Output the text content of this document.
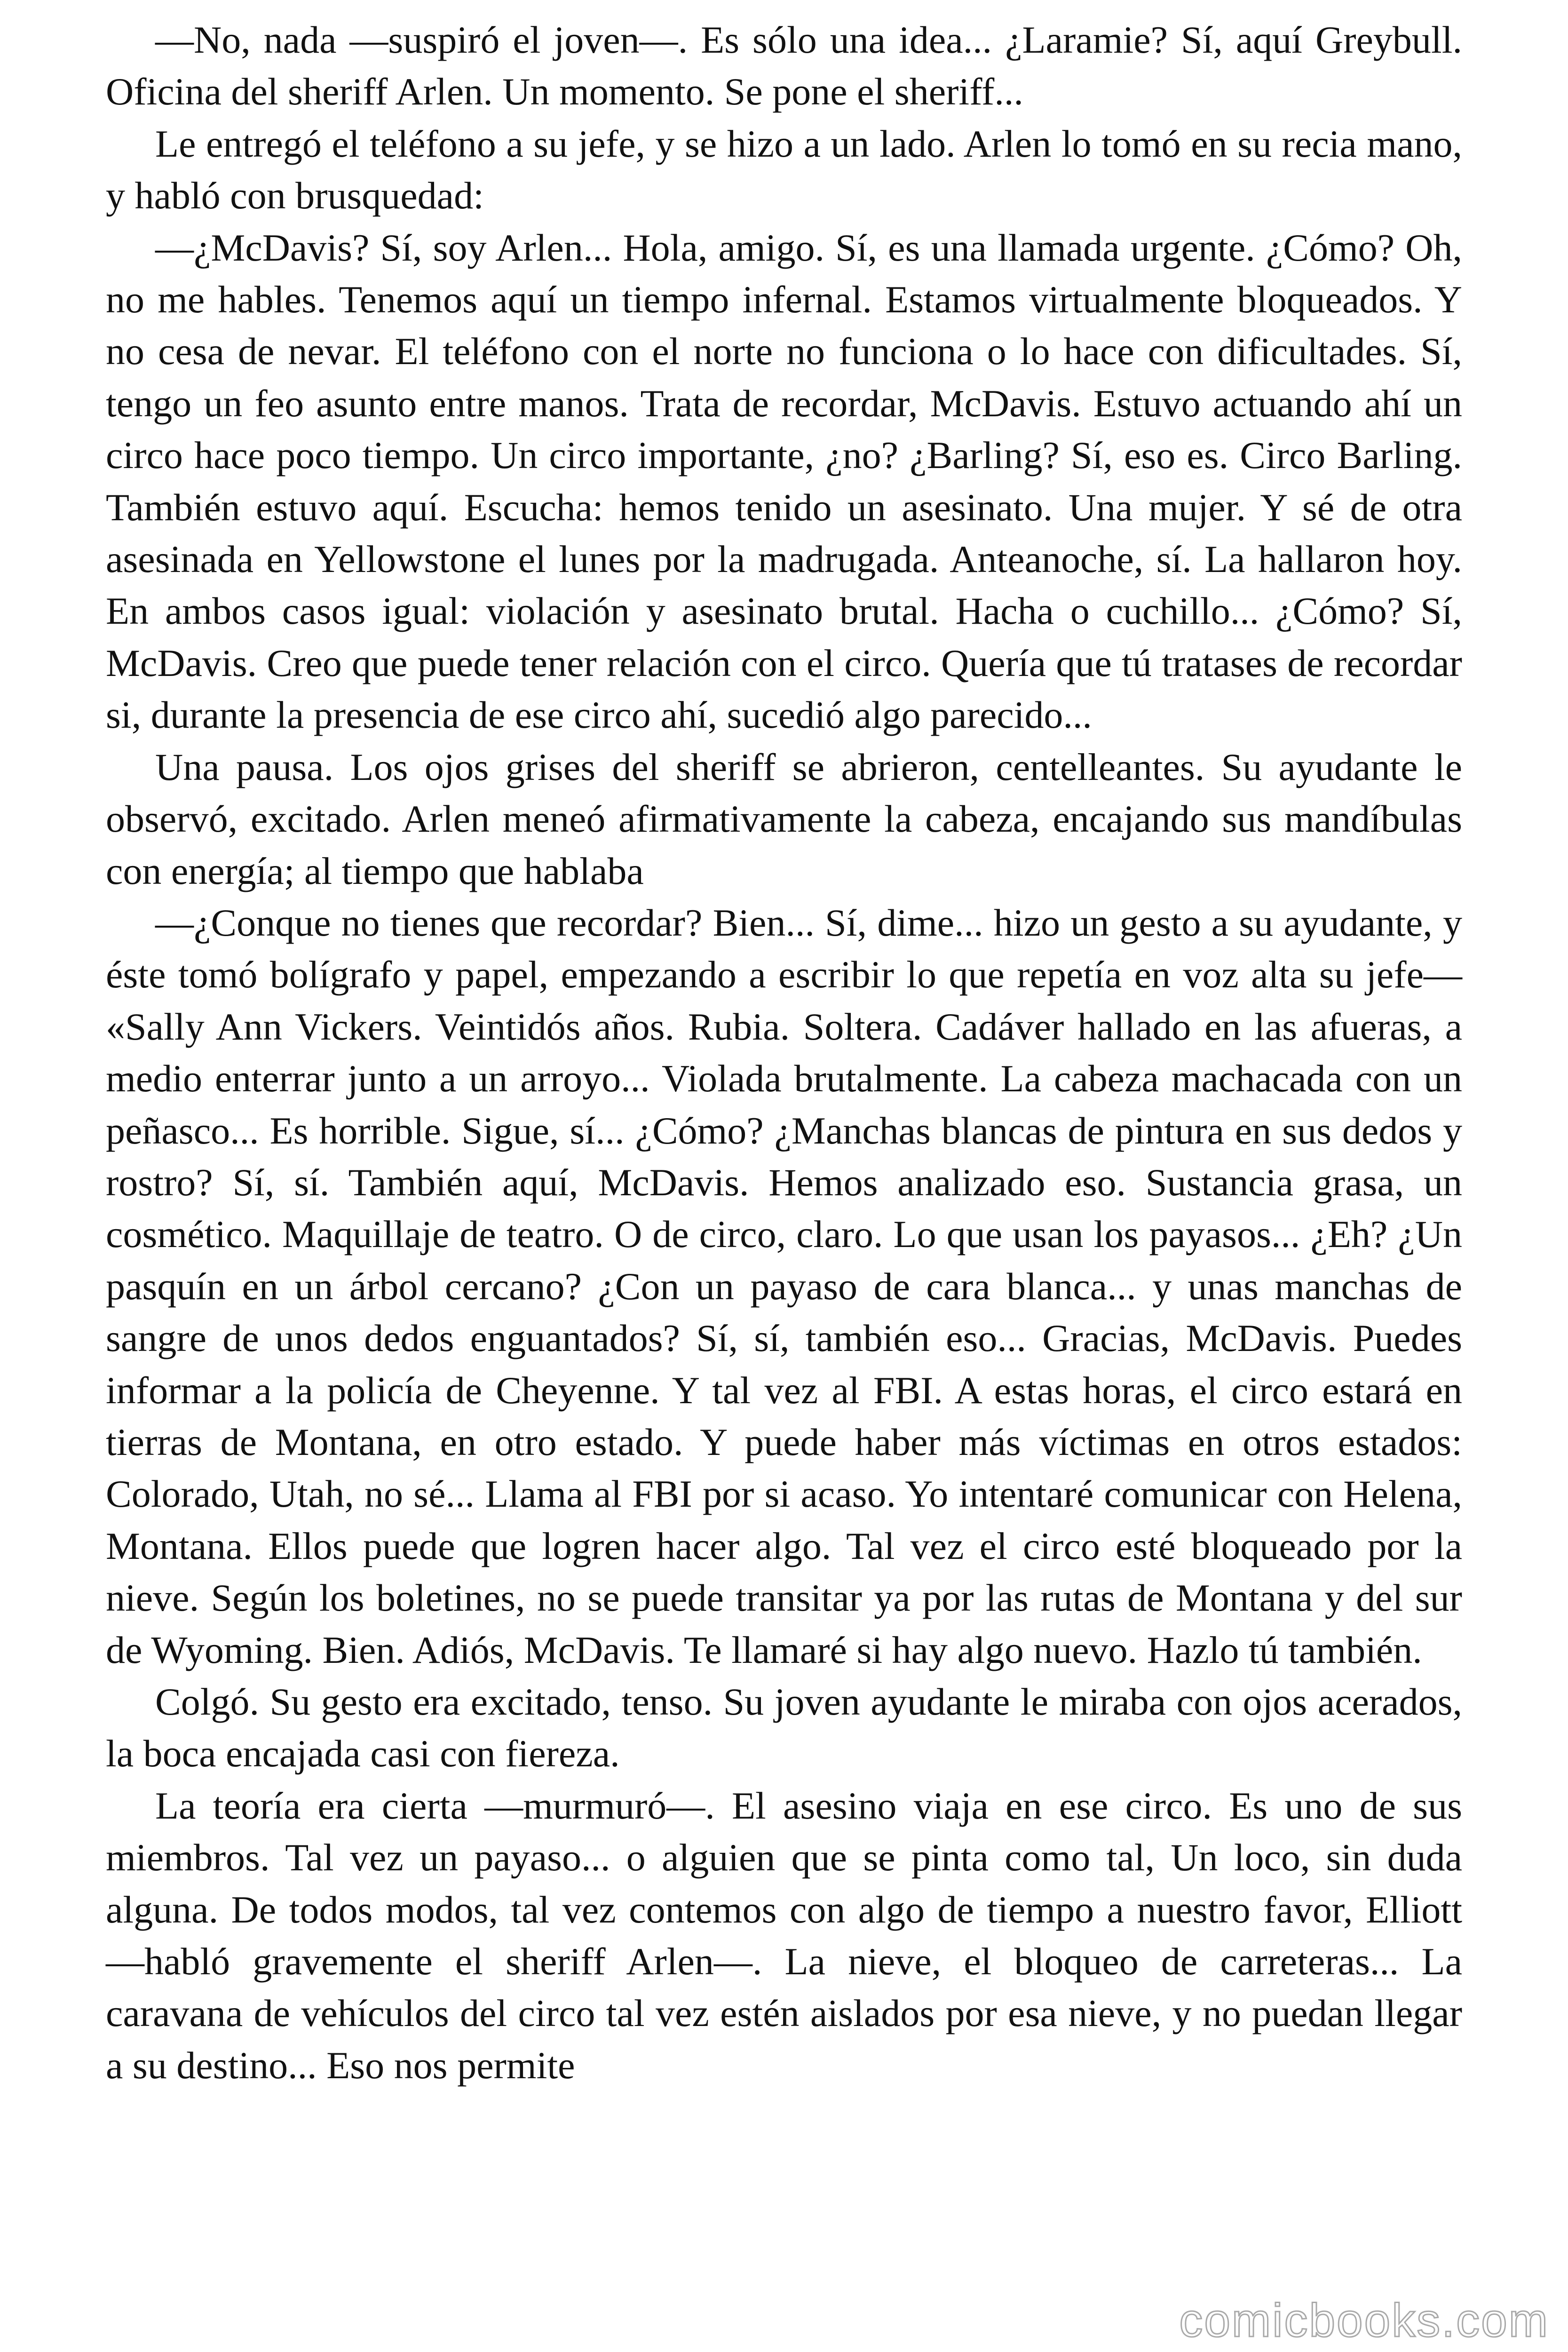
—No, nada —suspiró el joven—. Es sólo una idea... ¿Laramie? Sí, aquí Greybull. Oficina del sheriff Arlen. Un momento. Se pone el sheriff...

Le entregó el teléfono a su jefe, y se hizo a un lado. Arlen lo tomó en su recia mano, y habló con brusquedad:

—¿McDavis? Sí, soy Arlen... Hola, amigo. Sí, es una llamada urgente. ¿Cómo? Oh, no me hables. Tenemos aquí un tiempo infernal. Estamos virtualmente bloqueados. Y no cesa de nevar. El teléfono con el norte no funciona o lo hace con dificultades. Sí, tengo un feo asunto entre manos. Trata de recordar, McDavis. Estuvo actuando ahí un circo hace poco tiempo. Un circo importante, ¿no? ¿Barling? Sí, eso es. Circo Barling. También estuvo aquí. Escucha: hemos tenido un asesinato. Una mujer. Y sé de otra asesinada en Yellowstone el lunes por la madrugada. Anteanoche, sí. La hallaron hoy. En ambos casos igual: violación y asesinato brutal. Hacha o cuchillo... ¿Cómo? Sí, McDavis. Creo que puede tener relación con el circo. Quería que tú tratases de recordar si, durante la presencia de ese circo ahí, sucedió algo parecido...

Una pausa. Los ojos grises del sheriff se abrieron, centelleantes. Su ayudante le observó, excitado. Arlen meneó afirmativamente la cabeza, encajando sus mandíbulas con energía; al tiempo que hablaba

—¿Conque no tienes que recordar? Bien... Sí, dime... hizo un gesto a su ayudante, y éste tomó bolígrafo y papel, empezando a escribir lo que repetía en voz alta su jefe— «Sally Ann Vickers. Veintidós años. Rubia. Soltera. Cadáver hallado en las afueras, a medio enterrar junto a un arroyo... Violada brutalmente. La cabeza machacada con un peñasco... Es horrible. Sigue, sí... ¿Cómo? ¿Manchas blancas de pintura en sus dedos y rostro? Sí, sí. También aquí, McDavis. Hemos analizado eso. Sustancia grasa, un cosmético. Maquillaje de teatro. O de circo, claro. Lo que usan los payasos... ¿Eh? ¿Un pasquín en un árbol cercano? ¿Con un payaso de cara blanca... y unas manchas de sangre de unos dedos enguantados? Sí, sí, también eso... Gracias, McDavis. Puedes informar a la policía de Cheyenne. Y tal vez al FBI. A estas horas, el circo estará en tierras de Montana, en otro estado. Y puede haber más víctimas en otros estados: Colorado, Utah, no sé... Llama al FBI por si acaso. Yo intentaré comunicar con Helena, Montana. Ellos puede que logren hacer algo. Tal vez el circo esté bloqueado por la nieve. Según los boletines, no se puede transitar ya por las rutas de Montana y del sur de Wyoming. Bien. Adiós, McDavis. Te llamaré si hay algo nuevo. Hazlo tú también.

Colgó. Su gesto era excitado, tenso. Su joven ayudante le miraba con ojos acerados, la boca encajada casi con fiereza.

La teoría era cierta —murmuró—. El asesino viaja en ese circo. Es uno de sus miembros. Tal vez un payaso... o alguien que se pinta como tal, Un loco, sin duda alguna. De todos modos, tal vez contemos con algo de tiempo a nuestro favor, Elliott —habló gravemente el sheriff Arlen—. La nieve, el bloqueo de carreteras... La caravana de vehículos del circo tal vez estén aislados por esa nieve, y no puedan llegar a su destino... Eso nos permite

comicbooks.com
